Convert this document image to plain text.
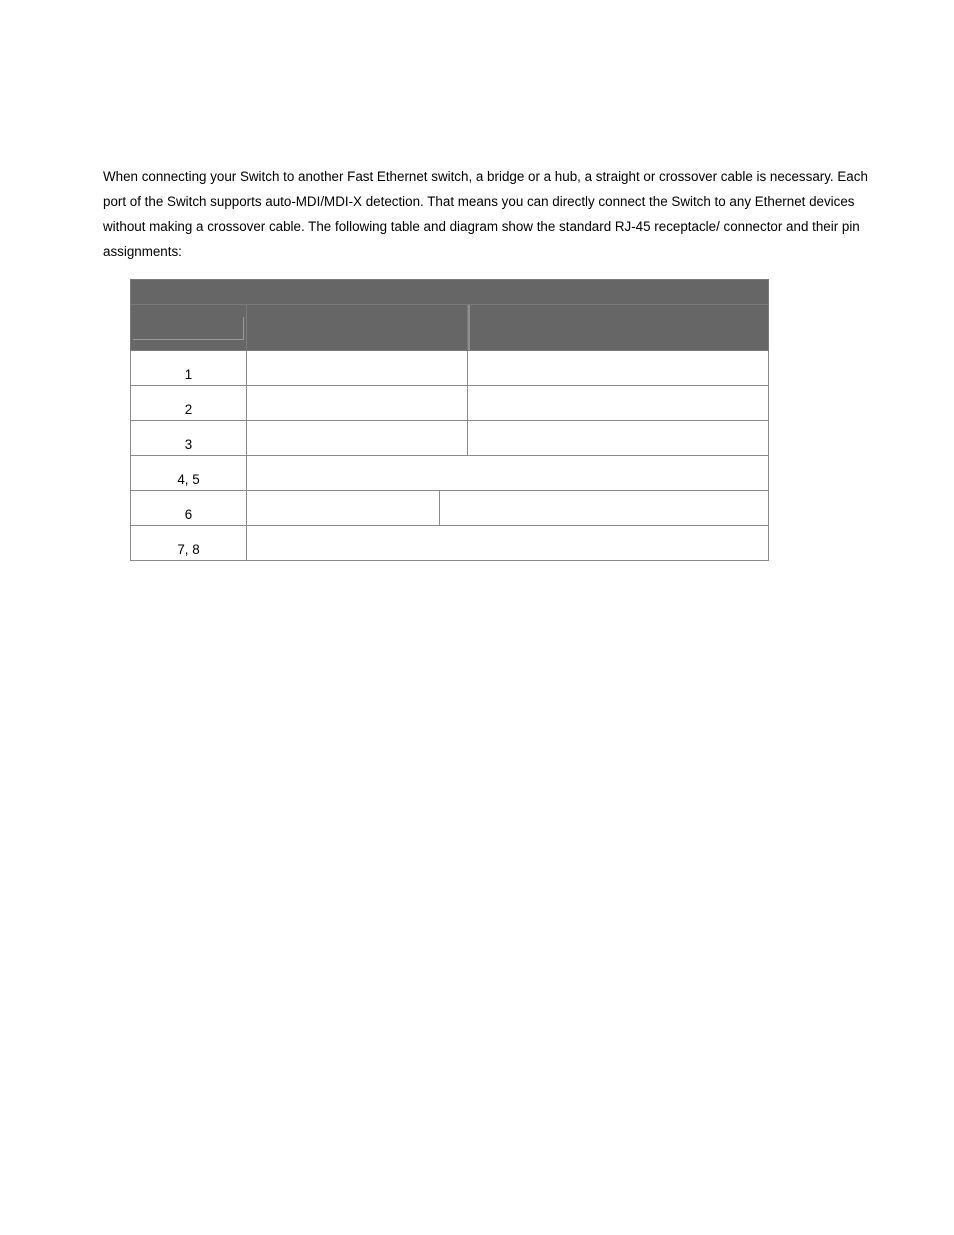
When connecting your Switch to another Fast Ethernet switch, a bridge or a hub, a straight or crossover cable is necessary. Each port of the Switch supports auto-MDI/MDI-X detection. That means you can directly connect the Switch to any Ethernet devices without making a crossover cable. The following table and diagram show the standard RJ-45 receptacle/ connector and their pin assignments:

1			
2			
3			
4, 5			
6			
7, 8			
